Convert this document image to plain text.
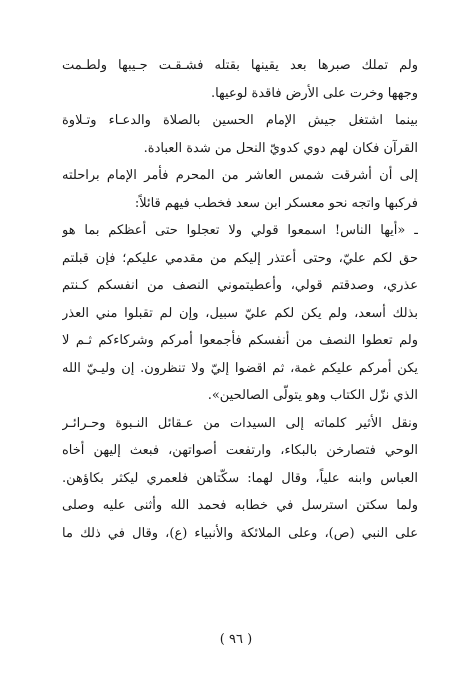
ولم تملك صبرها بعد يقينها بقتله فشـقـت جـيبها ولطـمت
وجهها وخرت على الأرض فاقدة لوعيها.
بينما اشتغل جيش الإمام الحسين بالصلاة والدعـاء وتـلاوة
القرآن فكان لهم دوي كدويّ النحل من شدة العبادة.
إلى أن أشرقت شمس العاشر من المحرم فأمر الإمام براحلته
فركبها واتجه نحو معسكر ابن سعد فخطب فيهم قائلاً:
ـ «أيها الناس! اسمعوا قولي ولا تعجلوا حتى أعظكم بما هو
حق لكم عليّ، وحتى أعتذر إليكم من مقدمي عليكم؛ فإن قبلتم
عذري، وصدقتم قولي، وأعطيتموني النصف من انفسكم كـنتم
بذلك أسعد، ولم يكن لكم عليّ سبيل، وإن لم تقبلوا مني العذر
ولم تعطوا النصف من أنفسكم فأجمعوا أمركم وشركاءكم ثـم لا
يكن أمركم عليكم غمة، ثم اقضوا إليّ ولا تنظرون. إن وليـيّ الله
الذي نزّل الكتاب وهو يتولّى الصالحين».
ونقل الأثير كلماته إلى السيدات من عـقائل النـبوة وحـرائـر
الوحي فتصارخن بالبكاء، وارتفعت أصواتهن، فبعث إليهن أخاه
العباس وابنه علياً، وقال لهما: سكّتاهن فلعمري ليكثر بكاؤهن.
ولما سكتن استرسل في خطابه فحمد الله وأثنى عليه وصلى
على النبي (ص)، وعلى الملائكة والأنبياء (ع)، وقال في ذلك ما
( ٩٦ )
